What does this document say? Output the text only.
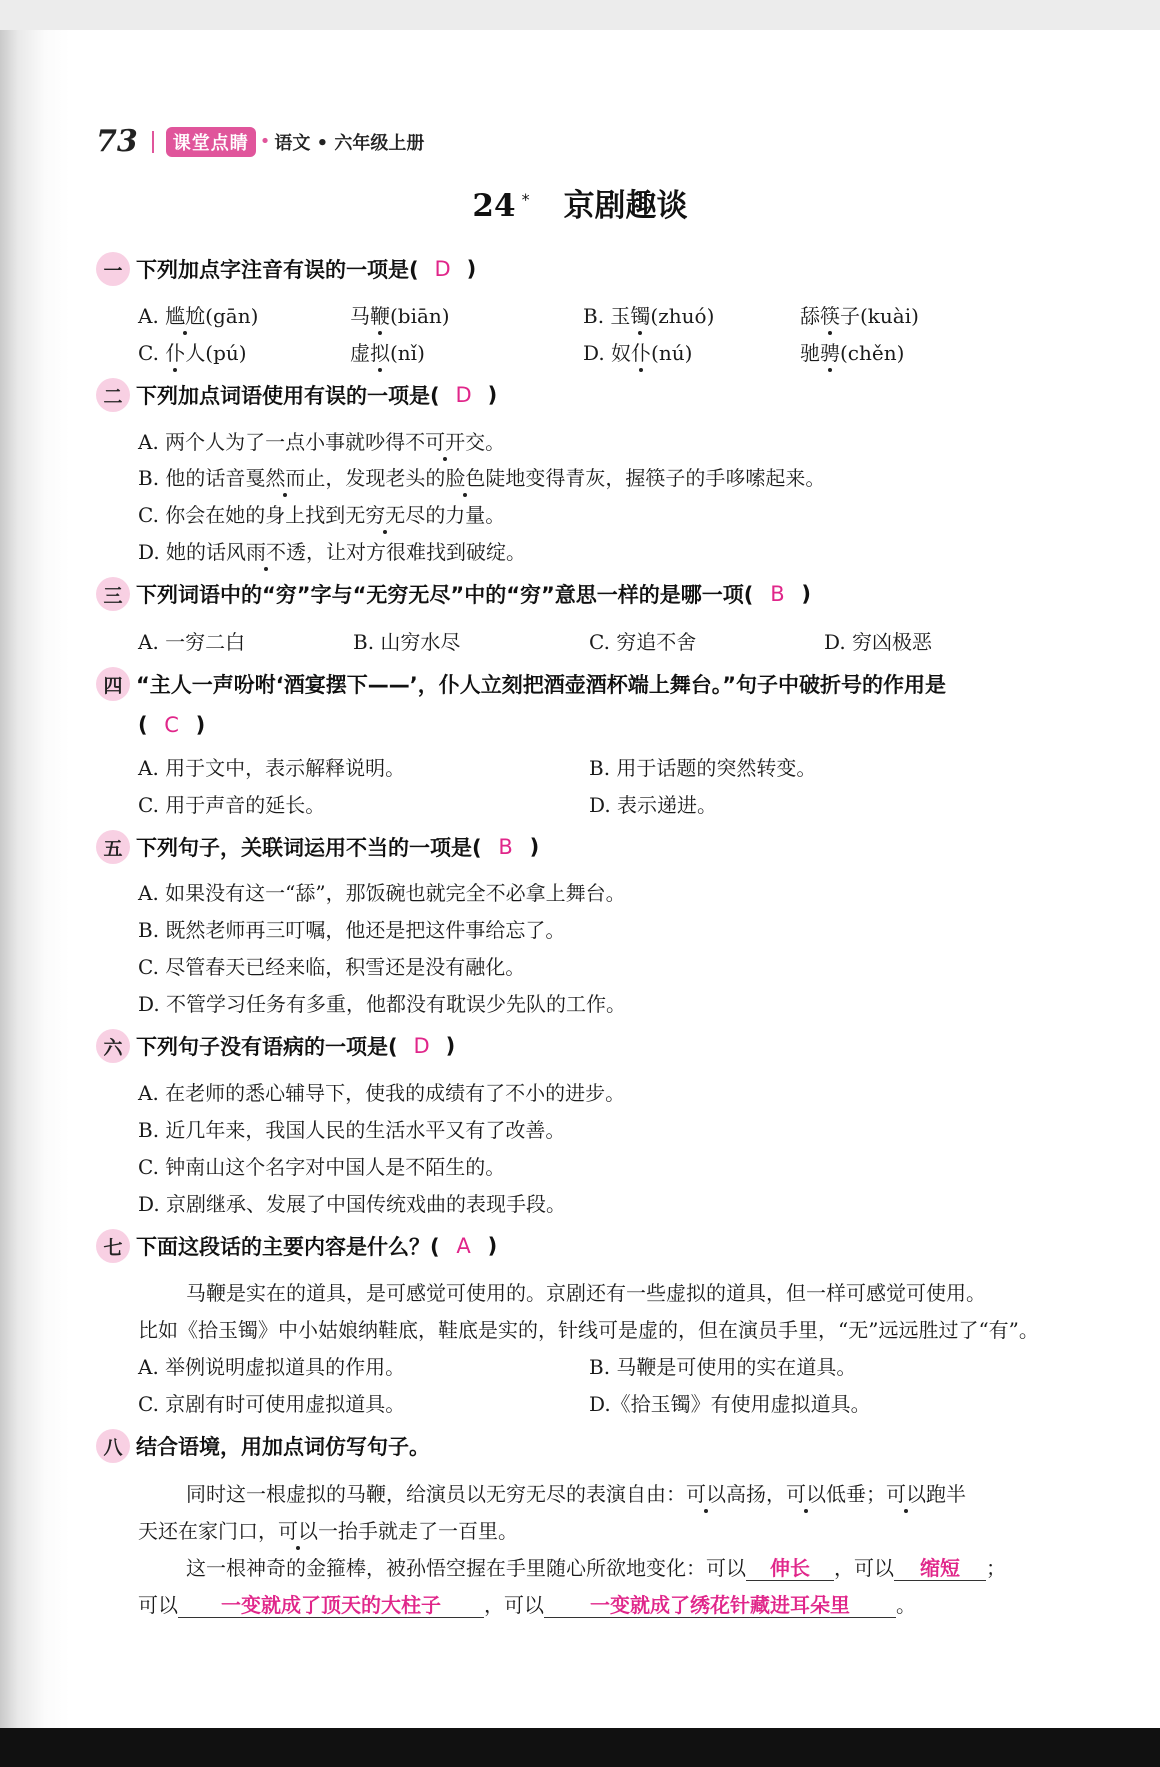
73	课堂点睛 • 语文 • 六年级上册
24 * 京剧趣谈
一 下列加点字注音有误的一项是( D )
A. 尴尬(gān)	马鞭(biān)	B. 玉镯(zhuó)	舔筷子(kuài)
C. 仆人(pú)	虚拟(nǐ)	D. 奴仆(nú)	驰骋(chěn)
二 下列加点词语使用有误的一项是( D )
A. 两个人为了一点小事就吵得不可开交。
B. 他的话音戛然而止，发现老头的脸色陡地变得青灰，握筷子的手哆嗦起来。
C. 你会在她的身上找到无穷无尽的力量。
D. 她的话风雨不透，让对方很难找到破绽。
三 下列词语中的“穷”字与“无穷无尽”中的“穷”意思一样的是哪一项( B )
A. 一穷二白	B. 山穷水尽	C. 穷追不舍	D. 穷凶极恶
四 “主人一声吩咐‘酒宴摆下——’，仆人立刻把酒壶酒杯端上舞台。”句子中破折号的作用是
( C )
A. 用于文中，表示解释说明。	B. 用于话题的突然转变。
C. 用于声音的延长。	D. 表示递进。
五 下列句子，关联词运用不当的一项是( B )
A. 如果没有这一“舔”，那饭碗也就完全不必拿上舞台。
B. 既然老师再三叮嘱，他还是把这件事给忘了。
C. 尽管春天已经来临，积雪还是没有融化。
D. 不管学习任务有多重，他都没有耽误少先队的工作。
六 下列句子没有语病的一项是( D )
A. 在老师的悉心辅导下，使我的成绩有了不小的进步。
B. 近几年来，我国人民的生活水平又有了改善。
C. 钟南山这个名字对中国人是不陌生的。
D. 京剧继承、发展了中国传统戏曲的表现手段。
七 下面这段话的主要内容是什么？( A )
马鞭是实在的道具，是可感觉可使用的。京剧还有一些虚拟的道具，但一样可感觉可使用。
比如《拾玉镯》中小姑娘纳鞋底，鞋底是实的，针线可是虚的，但在演员手里，“无”远远胜过了“有”。
A. 举例说明虚拟道具的作用。	B. 马鞭是可使用的实在道具。
C. 京剧有时可使用虚拟道具。	D.《拾玉镯》有使用虚拟道具。
八 结合语境，用加点词仿写句子。
同时这一根虚拟的马鞭，给演员以无穷无尽的表演自由：可以高扬，可以低垂；可以跑半
天还在家门口，可以一抬手就走了一百里。
这一根神奇的金箍棒，被孙悟空握在手里随心所欲地变化：可以 伸长 ，可以 缩短 ；
可以 一变就成了顶天的大柱子 ，可以 一变就成了绣花针藏进耳朵里 。
